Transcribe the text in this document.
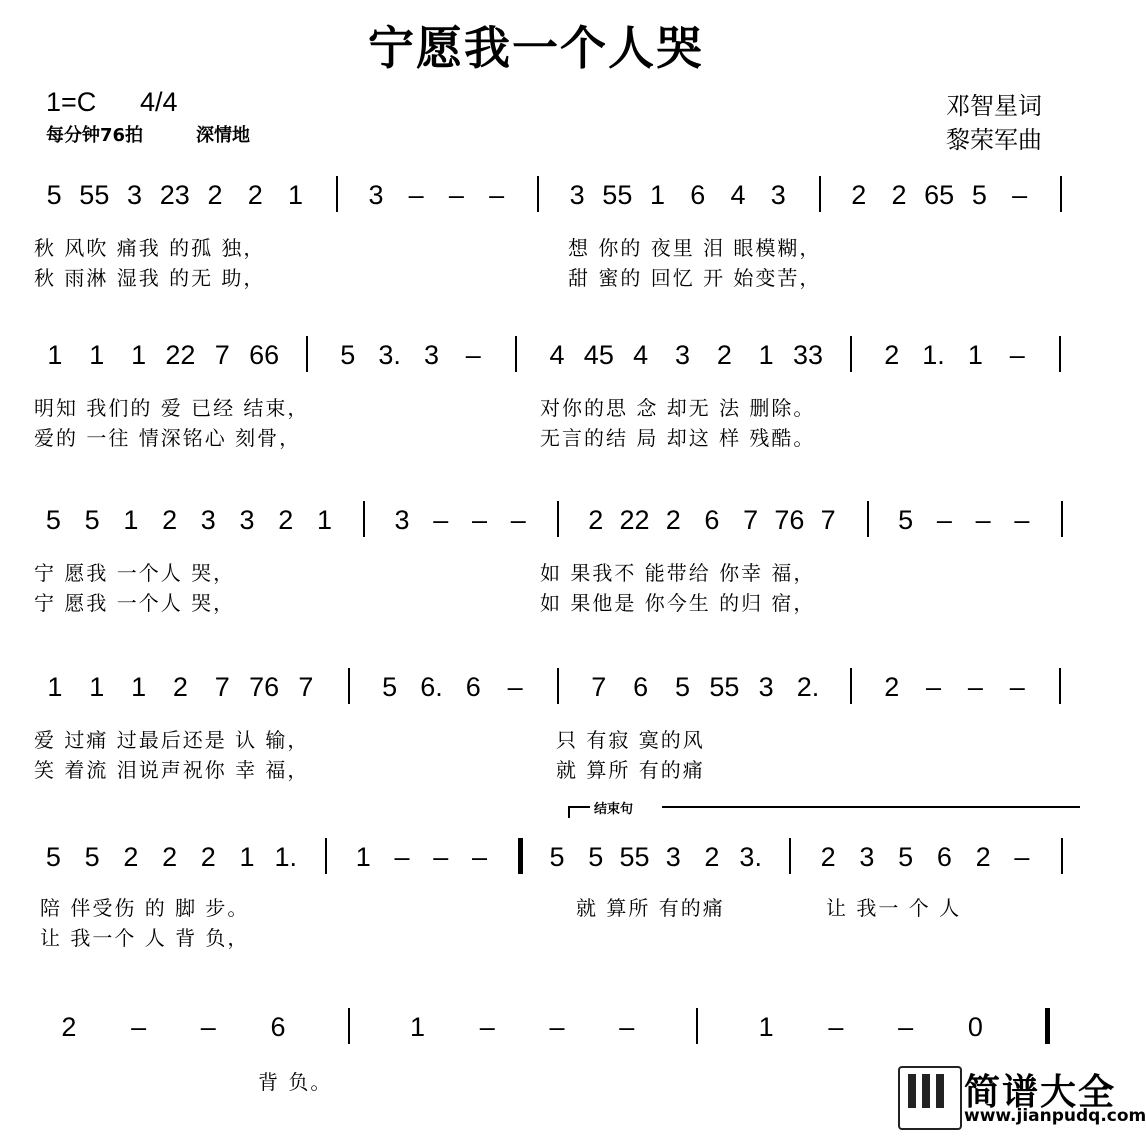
宁愿我一个人哭
1=C 4/4
每分钟76拍	深情地
邓智星词
黎荣军曲
5 55 3 23 2 2 1	3 – – –	3 55 1 6 4 3	2 2 65 5 –
秋 风吹 痛我 的孤 独，	想 你的 夜里 泪 眼模糊，
秋 雨淋 湿我 的无 助，	甜 蜜的 回忆 开 始变苦，
1 1 1 22 7 66	5 3. 3 –	4 45 4 3 2 1 33	2 1. 1 –
明知 我们的 爱 已经 结束，	对你的思 念 却无 法 删除。
爱的 一往 情深铭心 刻骨，	无言的结 局 却这 样 残酷。
5 5 1 2 3 3 2 1	3 – – –	2 22 2 6 7 76 7	5 – – –
宁 愿我 一个人 哭，	如 果我不 能带给 你幸 福，
宁 愿我 一个人 哭，	如 果他是 你今生 的归 宿，
1 1 1 2 7 76 7	5 6. 6 –	7 6 5 55 3 2.	2 – – –
爱 过痛 过最后还是 认 输，	只 有寂 寞的风
笑 着流 泪说声祝你 幸 福，	就 算所 有的痛
结束句
5 5 2 2 2 1 1.	1 – – –	5 5 55 3 2 3.	2 3 5 6 2 –
陪 伴受伤 的 脚 步。	就 算所 有的痛	让 我一 个 人
让 我一个 人 背 负，
2	–	–	6	1	–	–	–	1	–	–	0
背 负。	简谱大全
www.jianpudq.com
